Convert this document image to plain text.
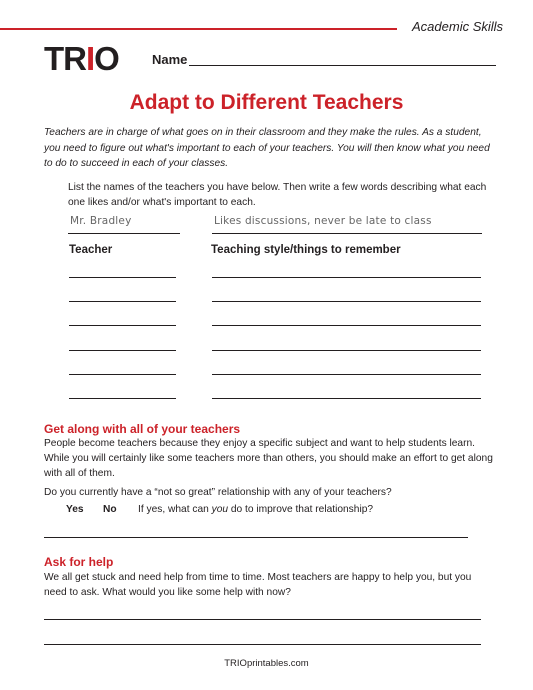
Academic Skills
TRIO	Name
Adapt to Different Teachers
Teachers are in charge of what goes on in their classroom and they make the rules. As a student, you need to figure out what's important to each of your teachers. You will then know what you need to do to succeed in each of your classes.
List the names of the teachers you have below. Then write a few words describing what each one likes and/or what's important to each.
Mr. Bradley	Likes discussions, never be late to class
Teacher	Teaching style/things to remember
Get along with all of your teachers
People become teachers because they enjoy a specific subject and want to help students learn. While you will certainly like some teachers more than others, you should make an effort to get along with all of them.
Do you currently have a “not so great” relationship with any of your teachers?
Yes No If yes, what can you do to improve that relationship?
Ask for help
We all get stuck and need help from time to time. Most teachers are happy to help you, but you need to ask. What would you like some help with now?
TRIOprintables.com
